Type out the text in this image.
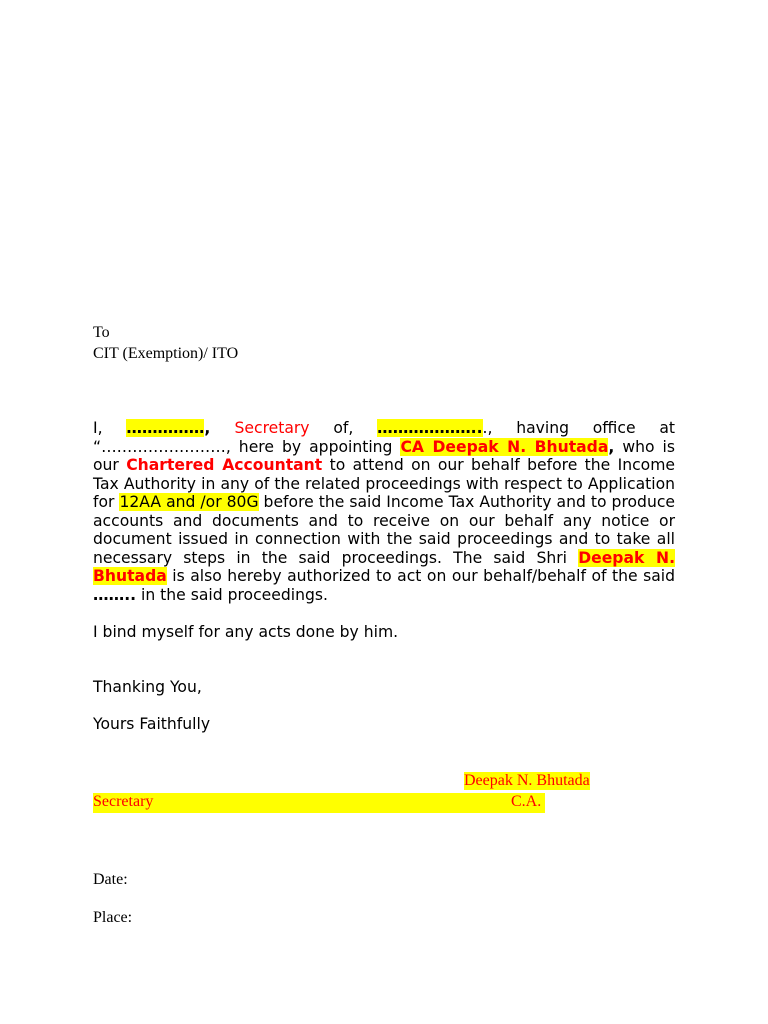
To
CIT (Exemption)/ ITO
I, ……………, Secretary of, ………………..., having office at “……………………, here by appointing CA Deepak N. Bhutada, who is our Chartered Accountant to attend on our behalf before the Income Tax Authority in any of the related proceedings with respect to Application for 12AA and /or 80G before the said Income Tax Authority and to produce accounts and documents and to receive on our behalf any notice or document issued in connection with the said proceedings and to take all necessary steps in the said proceedings. The said Shri Deepak N. Bhutada is also hereby authorized to act on our behalf/behalf of the said …….. in the said proceedings.
I bind myself for any acts done by him.
Thanking You,
Yours Faithfully
Deepak N. Bhutada
Secretary	C.A.
Date:
Place:
